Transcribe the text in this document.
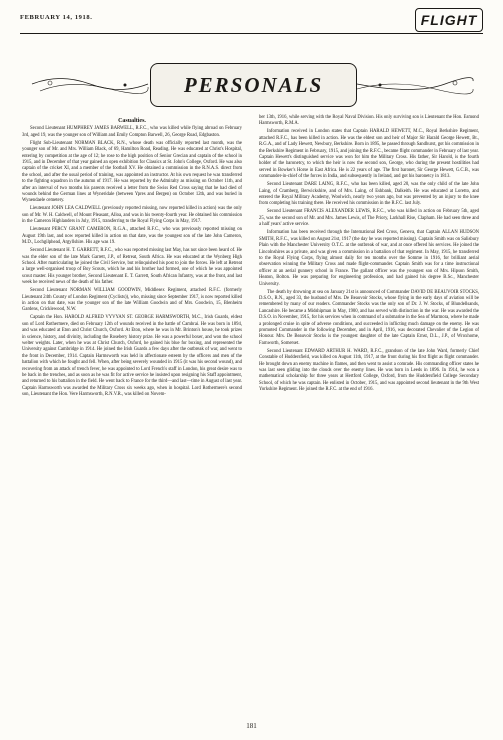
FEBRUARY 14, 1918.	FLIGHT
PERSONALS
Casualties.

Second Lieutenant HUMPHREY JAMES BARWELL, R.F.C., who was killed while flying abroad on February 3rd, aged 19, was the younger son of William and Emily Compton Barwell, 26, George Road, Edgbaston.

Flight Sub-Lieutenant NORMAN BLACK, R.N., whose death was officially reported last month, was the younger son of Mr. and Mrs. William Black, of 69, Hamilton Road, Reading. He was educated at Christ's Hospital, entering by competition at the age of 12; he rose to the high position of Senior Grecian and captain of the school in 1915, and in December of that year gained an open exhibition for Classics at St. John's College, Oxford. He was also captain of the cricket XI, and a member of the football XV. He obtained a commission in the R.N.A.S. direct from the school, and after the usual period of training, was appointed an instructor. At his own request he was transferred to the fighting squadron in the autumn of 1917. He was reported by the Admiralty as missing on October 11th, and after an interval of two months his parents received a letter from the Swiss Red Cross saying that he had died of wounds behind the German lines at Wyneridale (between Ypres and Bergen) on October 12th, and was buried in Wynendaele cemetery.

Lieutenant JOHN LEA CALDWELL (previously reported missing, now reported killed in action) was the only son of Mr. W. H. Caldwell, of Mount Pleasant, Alloa, and was in his twenty-fourth year. He obtained his commission in the Cameron Highlanders in July, 1915, transferring to the Royal Flying Corps in May, 1917.

Lieutenant PERCY GRANT CAMERON, R.G.A., attached R.F.C., who was previously reported missing on August 19th last, and now reported killed in action on that date, was the youngest son of the late John Cameron, M.D., Lochgilphead, Argyllshire. His age was 19.

Second Lieutenant H. T. GARRETT, R.F.C., who was reported missing last May, has not since been heard of. He was the elder son of the late Mark Garrett, J.P., of Retreat, South Africa. He was educated at the Wynberg High School. After matriculating he joined the Civil Service, but relinquished his post to join the forces. He left at Retreat a large well-organised troop of Boy Scouts, which he and his brother had formed, one of which he was appointed scout master. His younger brother, Second Lieutenant E. T. Garrett, South African Infantry, was at the front, and last week he received news of the death of his father.

Second Lieutenant NORMAN WILLIAM GOODWIN, Middlesex Regiment, attached R.F.C. (formerly Lieutenant 24th County of London Regiment (Cyclists)), who, missing since September 1917, is now reported killed in action on that date, was the younger son of the late William Goodwin and of Mrs. Goodwin, 15, Blenheim Gardens, Cricklewood, N.W.

Captain the Hon. HAROLD ALFRED VYVYAN ST. GEORGE HARMSWORTH, M.C., Irish Guards, eldest son of Lord Rothermere, died on February 12th of wounds received in the battle of Cambrai. He was born in 1894, and was educated at Eton and Christ Church, Oxford. At Eton, where he was in Mr. Brinton's house, he took prizes in science, history, and divinity, including the Rosebery history prize. He was a powerful boxer, and won the school welter weights. Later, when he was at Christ Church, Oxford, he gained his blue for boxing, and represented the University against Cambridge in 1914. He joined the Irish Guards a few days after the outbreak of war, and went to the front in December, 1914. Captain Harmsworth was held in affectionate esteem by the officers and men of the battalion with which he fought and fell. When, after being severely wounded in 1915 (it was his second wound), and recovering from an attack of trench fever, he was appointed to Lord French's staff in London, his great desire was to be back in the trenches, and as soon as he was fit for active service he insisted upon resigning his Staff appointment, and returned to his battalion in the field. He went back to France for the third—and last—time in August of last year. Captain Harmsworth was awarded the Military Cross six weeks ago, when in hospital. Lord Rothermere's second son, Lieutenant the Hon. Vere Harmsworth, R.N.V.R., was killed on Novem-

ber 13th, 1916, while serving with the Royal Naval Division. His only surviving son is Lieutenant the Hon. Esmond Harmsworth, R.M.A.

Information received in London states that Captain HARALD HEWETT, M.C., Royal Berkshire Regiment, attached R.F.C., has been killed in action. He was the eldest son and heir of Major Sir Harald George Hewett, Bt., R.G.A., and of Lady Hewett, Newbury, Berkshire. Born in 1895, he passed through Sandhurst, got his commission in the Berkshire Regiment in February, 1915, and joining the R.F.C., became flight commander in February of last year. Captain Hewett's distinguished service was won for him the Military Cross. His father, Sir Harold, is the fourth holder of the baronetcy, to which the heir is now the second son, George, who during the present hostilities had served in Bowker's Horse in East Africa. He is 22 years of age. The first baronet, Sir George Hewett, G.C.B., was commander-in-chief of the forces in India, and subsequently in Ireland, and got his baronetcy in 1813.

Second Lieutenant DARE LAING, R.F.C., who has been killed, aged 20, was the only child of the late John Laing, of Cramberg, Berwickshire, and of Mrs. Laing, of Eshbank, Dalkeith. He was educated at Loretto, and entered the Royal Military Academy, Woolwich, nearly two years ago, but was prevented by an injury to the knee from completing his training there. He received his commission in the R.F.C. last July.

Second Lieutenant FRANCIS ALEXANDER LEWIS, R.F.C., who was killed in action on February 5th, aged 25, was the second son of Mr. and Mrs. James Lewis, of The Priory, Larkhall Rise, Clapham. He had seen three and a half years' active service.

Information has been received through the International Red Cross, Geneva, that Captain ALLAN HUDSON SMITH, R.F.C., was killed on August 21st, 1917 (the day he was reported missing). Captain Smith was on Salisbury Plain with the Manchester University O.T.C. at the outbreak of war, and at once offered his services. He joined the Lincolnshires as a private, and was given a commission in a battalion of that regiment. In May, 1915, he transferred to the Royal Flying Corps, flying almost daily for ten months over the Somme in 1916, for brilliant aerial observation winning the Military Cross and made flight-commander. Captain Smith was for a time instructional officer at an aerial gunnery school in France. The gallant officer was the youngest son of Mrs. Hipson Smith, Heaton, Bolton. He was preparing for engineering profession, and had gained his degree B.Sc., Manchester University.

The death by drowning at sea on January 21st is announced of Commander DAVID DE BEAUVOIR STOCKS, D.S.O., R.N., aged 33, the husband of Mrs. De Beauvoir Stocks, whose flying in the early days of aviation will be remembered by many of our readers. Commander Stocks was the only son of Dr. J. W. Stocks, of Blundellsands, Lancashire. He became a Midshipman in May, 1900, and has served with distinction in the war. He was awarded the D.S.O. in November, 1915, for his services when in command of a submarine in the Sea of Marmora, where he made a prolonged cruise in spite of adverse conditions, and succeeded in inflicting much damage on the enemy. He was promoted Commander in the following December, and in April, 1916, was decorated Chevalier of the Legion of Honour. Mrs. De Beauvoir Stocks is the youngest daughter of the late Captain Ernst, D.L., J.P., of Wroxhome, Farnworth, Somerset.

Second Lieutenant EDWARD ARTHUR H. WARD, R.F.C., grandson of the late John Ward, formerly Chief Constable of Huddersfield, was killed on August 11th, 1917, at the front during his first flight as flight commander. He brought down an enemy machine in flames, and then went to assist a comrade. His commanding officer states he was last seen gliding into the clouds over the enemy lines. He was born in Leeds in 1896. In 1914, he won a mathematical scholarship for three years at Hertford College, Oxford, from the Huddersfield College Secondary School, of which he was captain. He enlisted in October, 1915, and was appointed second lieutenant in the 9th West Yorkshire Regiment. He joined the R.F.C. at the end of 1916.

181
